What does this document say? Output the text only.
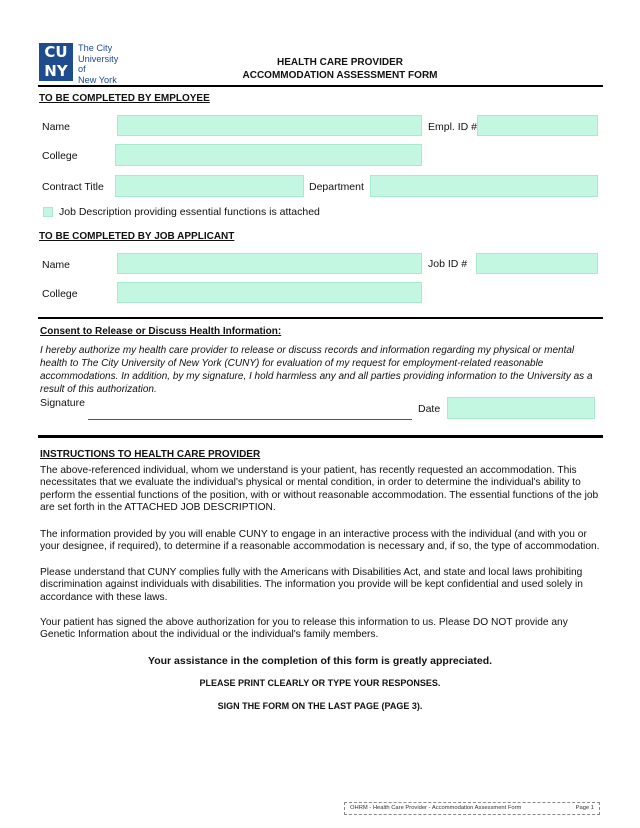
CU
NY
The City
University
of
New York
HEALTH CARE PROVIDER
ACCOMMODATION ASSESSMENT FORM
TO BE COMPLETED BY EMPLOYEE
Name	Empl. ID #
College
Contract Title	Department
Job Description providing essential functions is attached
TO BE COMPLETED BY JOB APPLICANT
Name	Job ID #
College
Consent to Release or Discuss Health Information:
I hereby authorize my health care provider to release or discuss records and information regarding my physical or mental health to The City University of New York (CUNY) for evaluation of my request for employment-related reasonable accommodations. In addition, by my signature, I hold harmless any and all parties providing information to the University as a result of this authorization.
Signature	Date
INSTRUCTIONS TO HEALTH CARE PROVIDER
The above-referenced individual, whom we understand is your patient, has recently requested an accommodation. This necessitates that we evaluate the individual's physical or mental condition, in order to determine the individual's ability to perform the essential functions of the position, with or without reasonable accommodation. The essential functions of the job are set forth in the ATTACHED JOB DESCRIPTION.
The information provided by you will enable CUNY to engage in an interactive process with the individual (and with you or your designee, if required), to determine if a reasonable accommodation is necessary and, if so, the type of accommodation.
Please understand that CUNY complies fully with the Americans with Disabilities Act, and state and local laws prohibiting discrimination against individuals with disabilities. The information you provide will be kept confidential and used solely in accordance with these laws.
Your patient has signed the above authorization for you to release this information to us. Please DO NOT provide any Genetic Information about the individual or the individual's family members.
Your assistance in the completion of this form is greatly appreciated.
PLEASE PRINT CLEARLY OR TYPE YOUR RESPONSES.
SIGN THE FORM ON THE LAST PAGE (PAGE 3).
OHRM - Health Care Provider - Accommodation Assessment Form	Page 1
